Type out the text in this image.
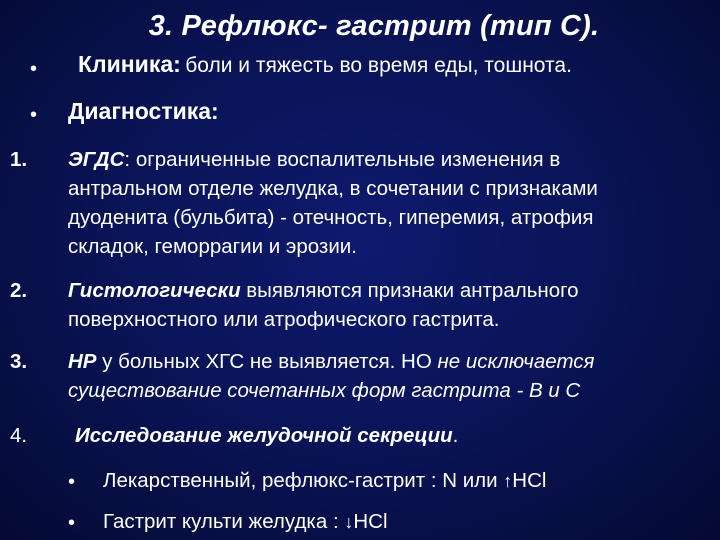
3. Рефлюкс- гастрит (тип С).
• Клиника: боли и тяжесть во время еды, тошнота.
• Диагностика:
1. ЭГДС: ограниченные воспалительные изменения в
антральном отделе желудка, в сочетании с признаками
дуоденита (бульбита) - отечность, гиперемия, атрофия
складок, геморрагии и эрозии.
2. Гистологически выявляются признаки антрального
поверхностного или атрофического гастрита.
3. НР у больных ХГС не выявляется. НО не исключается
существование сочетанных форм гастрита - В и С
4. Исследование желудочной секреции.
• Лекарственный, рефлюкс-гастрит : N или ↑HCl
• Гастрит культи желудка : ↓HCl
